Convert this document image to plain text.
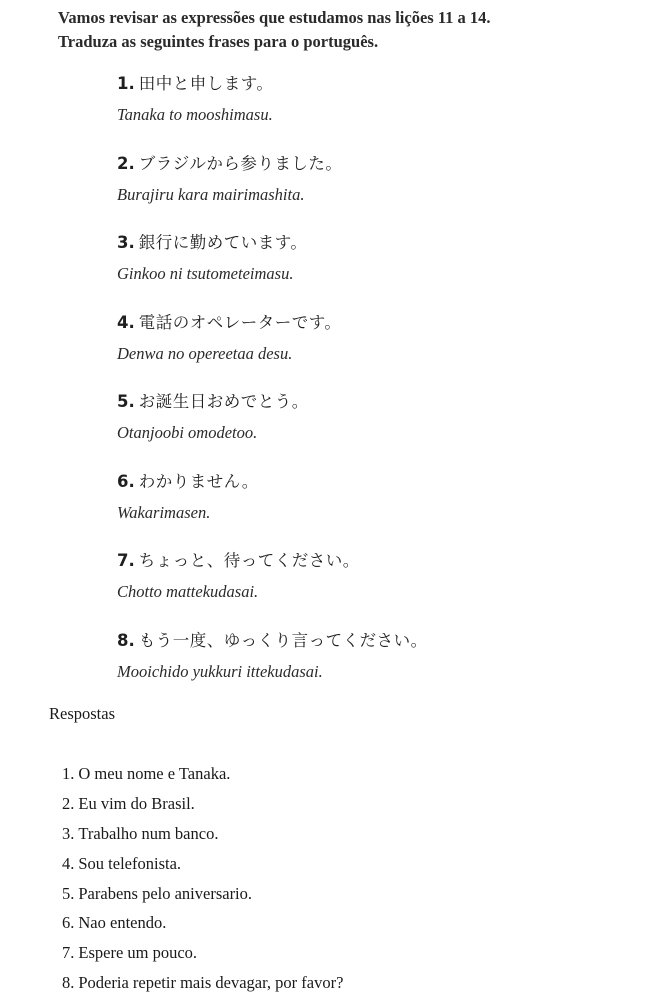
Vamos revisar as expressões que estudamos nas lições 11 a 14.

Traduza as seguintes frases para o português.

1. 田中と申します。
Tanaka to mooshimasu.
2. ブラジルから参りました。
Burajiru kara mairimashita.
3. 銀行に勤めています。
Ginkoo ni tsutometeimasu.
4. 電話のオペレーターです。
Denwa no opereetaa desu.
5. お誕生日おめでとう。
Otanjoobi omodetoo.
6. わかりません。
Wakarimasen.
7. ちょっと、待ってください。
Chotto mattekudasai.
8. もう一度、ゆっくり言ってください。
Mooichido yukkuri ittekudasai.
Respostas
1. O meu nome e Tanaka.
2. Eu vim do Brasil.
3. Trabalho num banco.
4. Sou telefonista.
5. Parabens pelo aniversario.
6. Nao entendo.
7. Espere um pouco.
8. Poderia repetir mais devagar, por favor?
